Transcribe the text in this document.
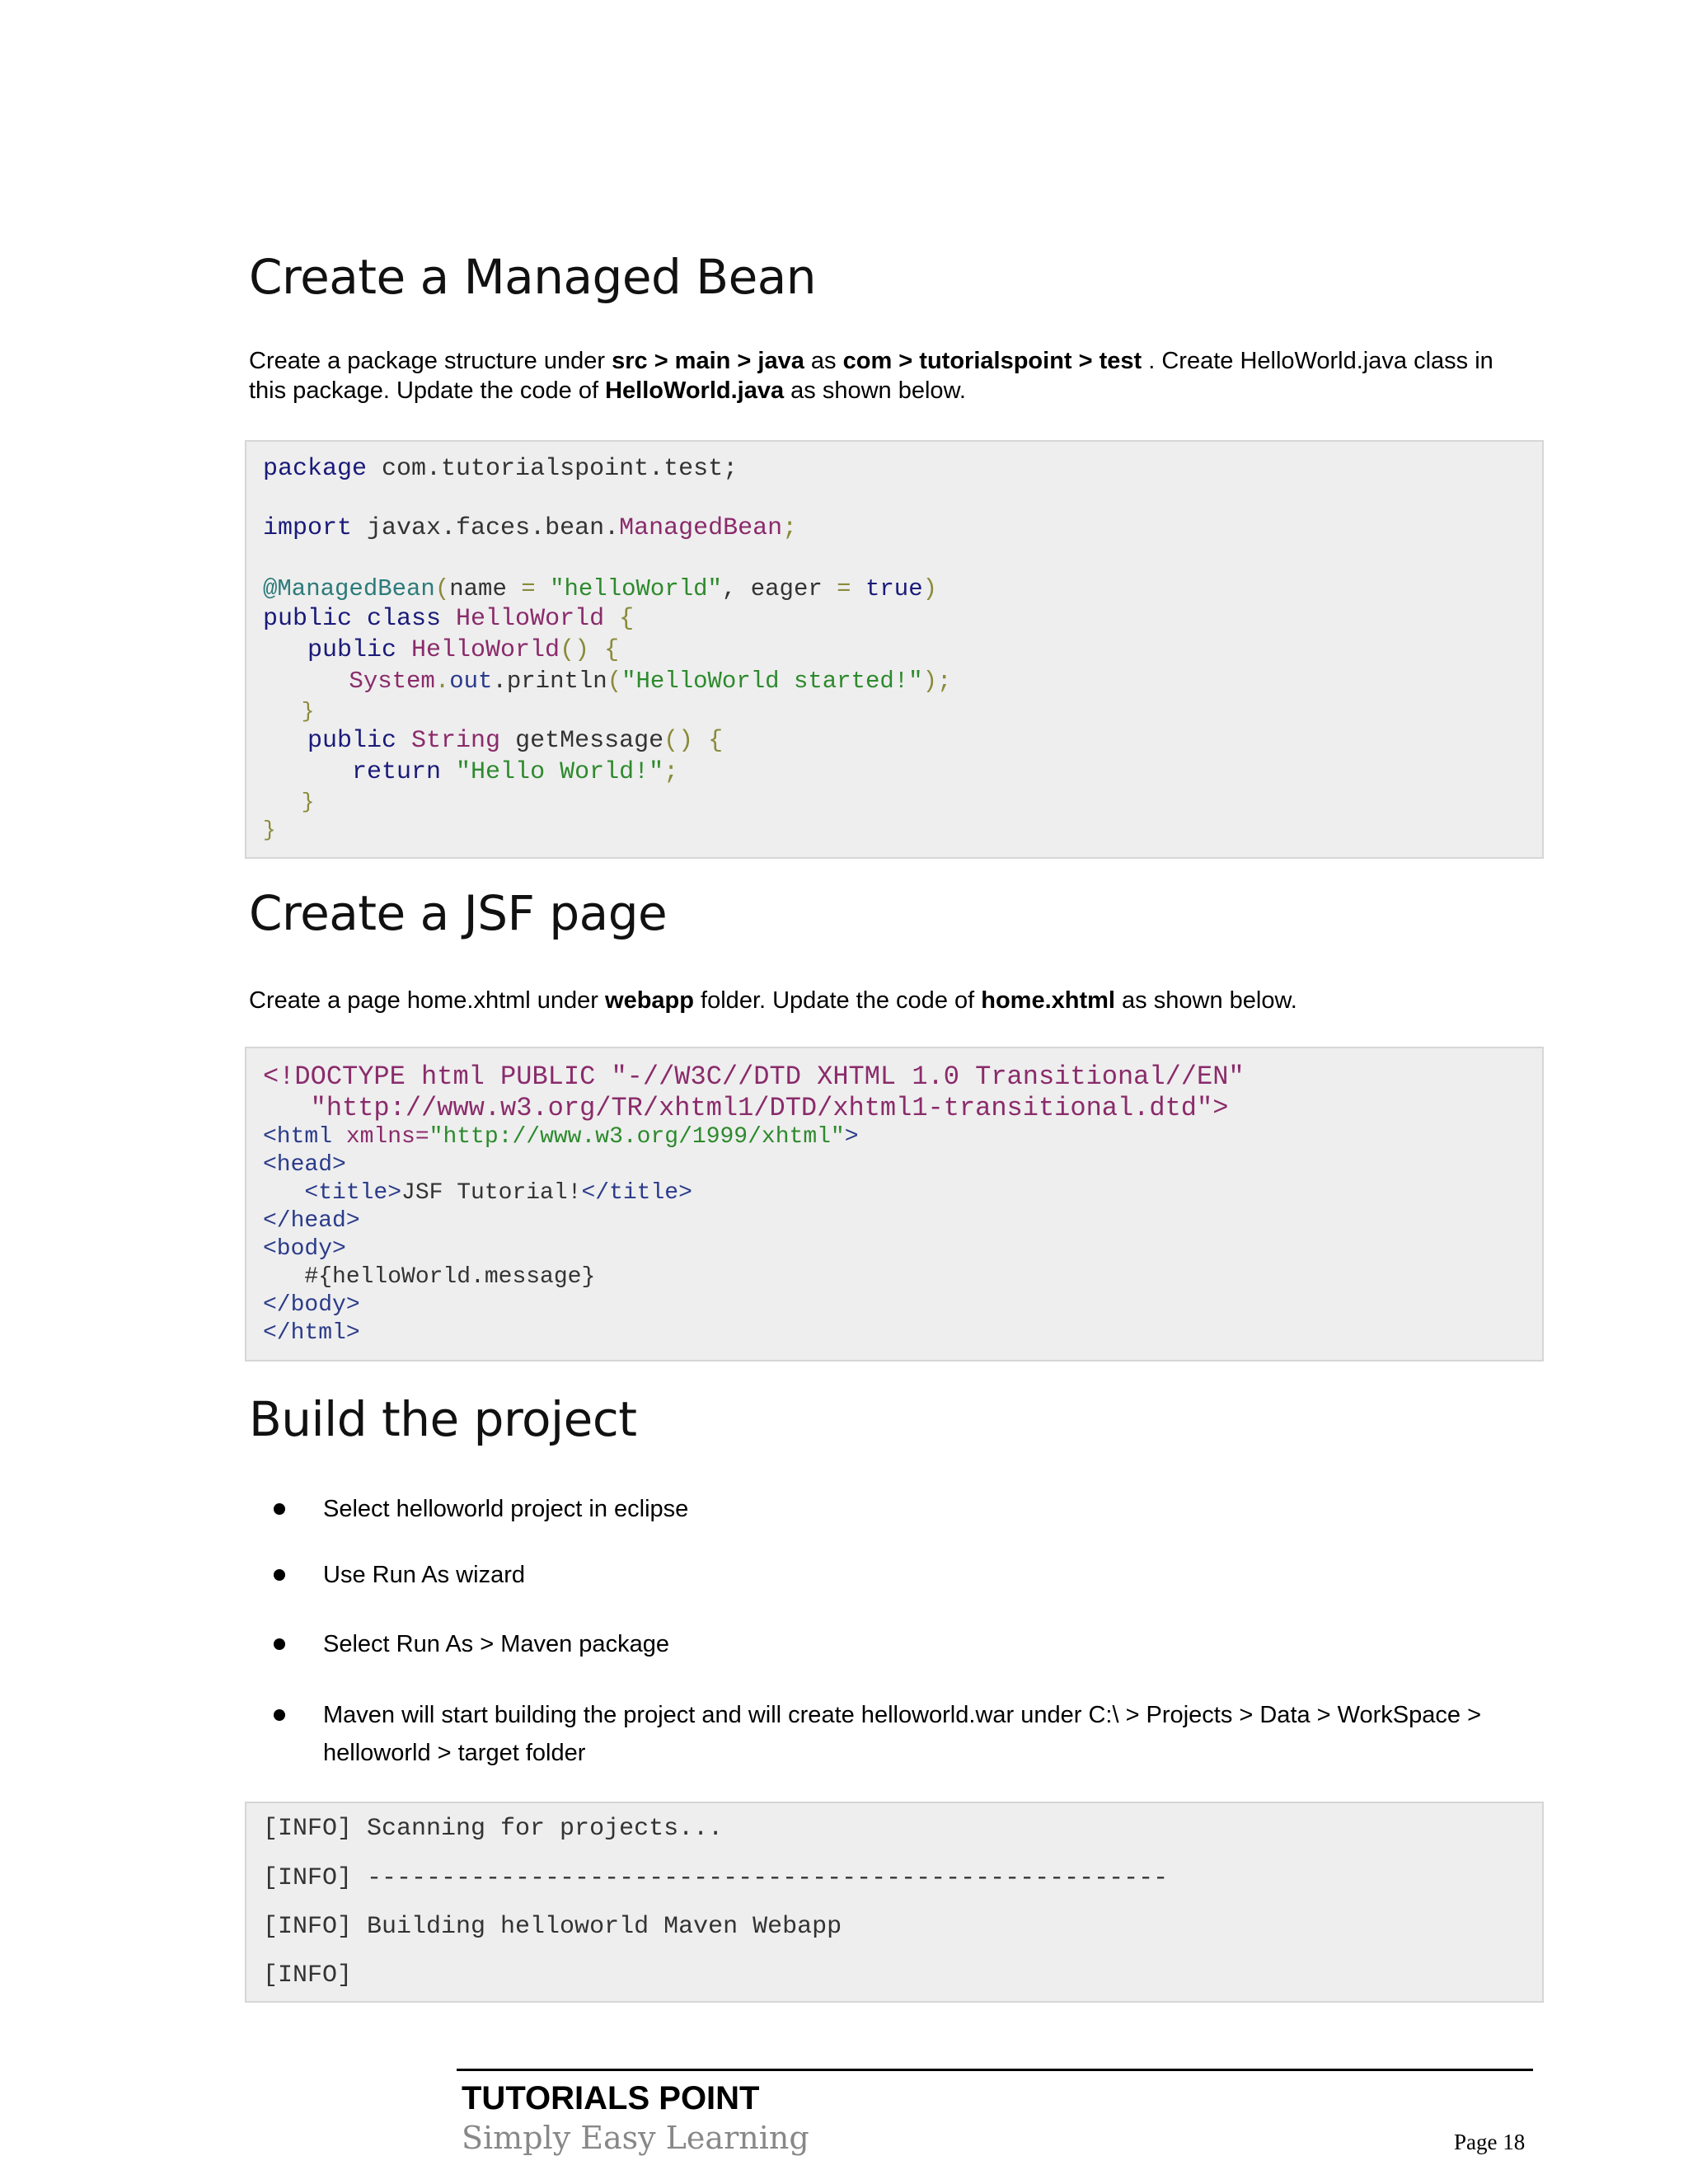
Create a Managed Bean

Create a package structure under src > main > java as com > tutorialspoint > test . Create HelloWorld.java class in this package. Update the code of HelloWorld.java as shown below.

package com.tutorialspoint.test;
import javax.faces.bean.ManagedBean;
@ManagedBean(name = "helloWorld", eager = true)
public class HelloWorld {
public HelloWorld() {
System.out.println("HelloWorld started!");
}
public String getMessage() {
return "Hello World!";
}
}
Create a JSF page

Create a page home.xhtml under webapp folder. Update the code of home.xhtml as shown below.

<!DOCTYPE html PUBLIC "-//W3C//DTD XHTML 1.0 Transitional//EN"
"http://www.w3.org/TR/xhtml1/DTD/xhtml1-transitional.dtd">
<html xmlns="http://www.w3.org/1999/xhtml">
<head>
<title>JSF Tutorial!</title>
</head>
<body>
#{helloWorld.message}
</body>
</html>
Build the project
Select helloworld project in eclipse
Use Run As wizard
Select Run As > Maven package
Maven will start building the project and will create helloworld.war under C:\ > Projects > Data > WorkSpace > helloworld > target folder
[INFO] Scanning for projects...
[INFO] ------------------------------------------------------
[INFO] Building helloworld Maven Webapp
[INFO]
TUTORIALS POINT
Simply Easy Learning	Page 18
